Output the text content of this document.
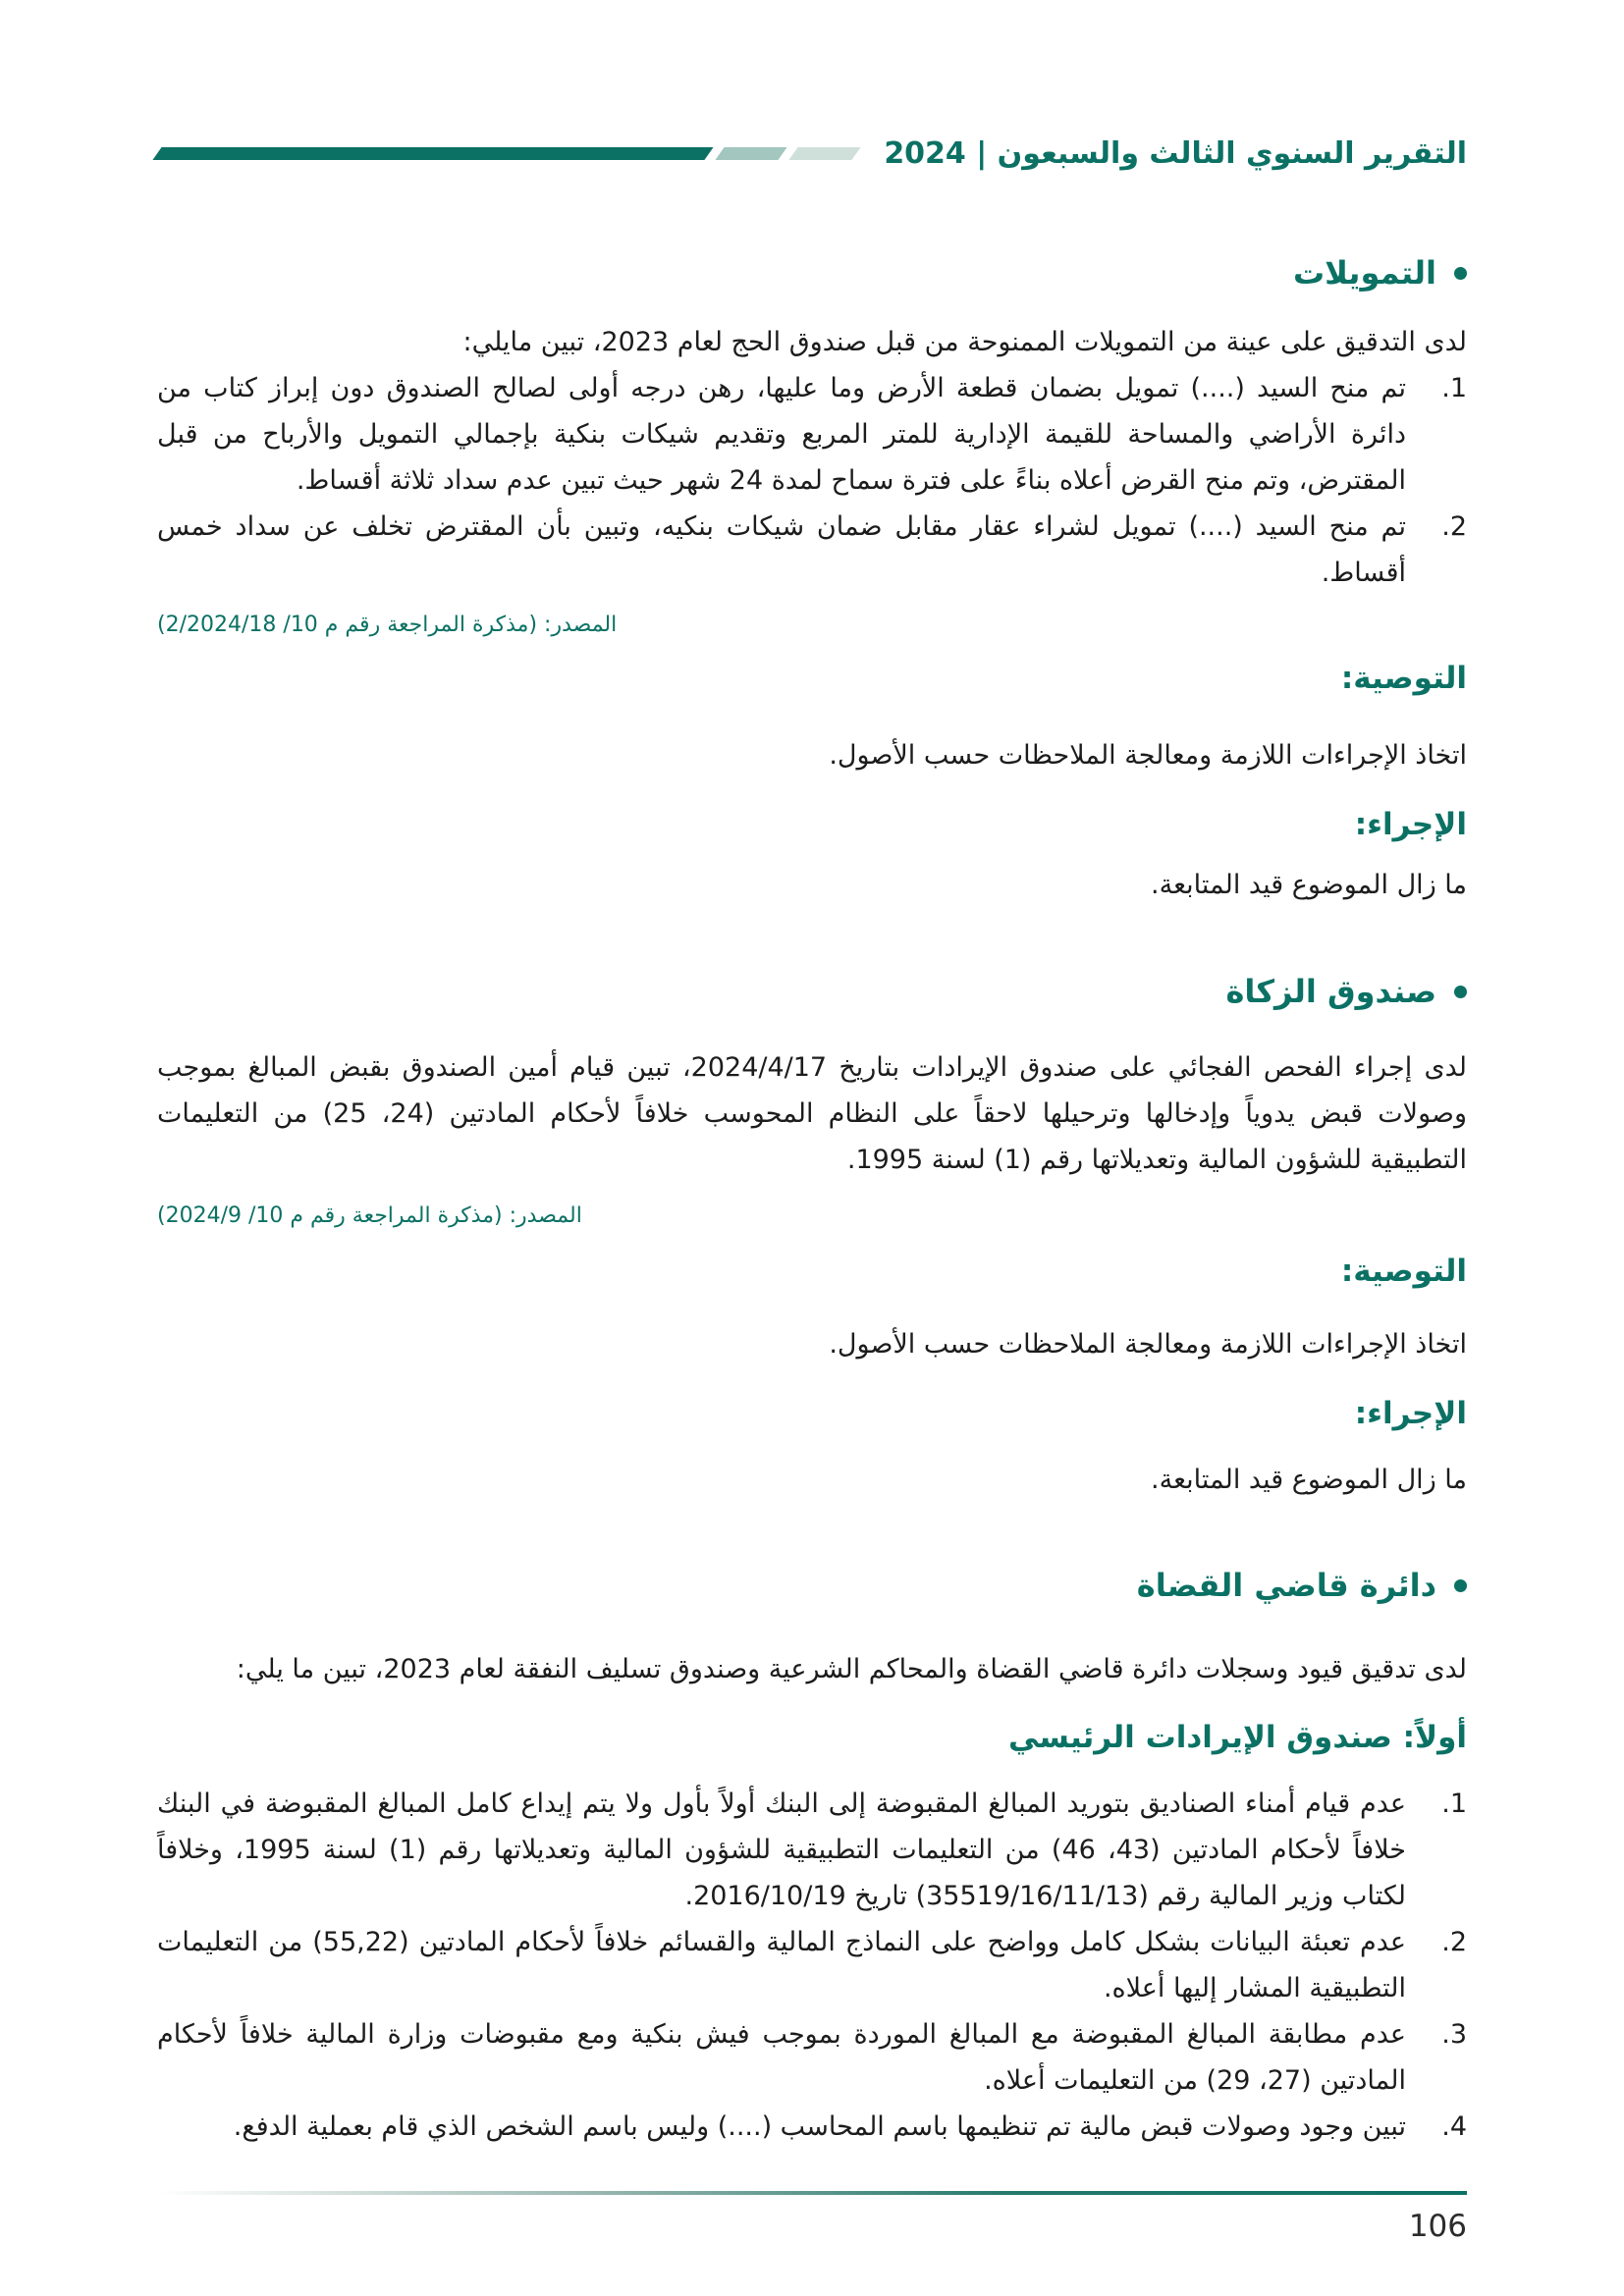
التقرير السنوي الثالث والسبعون | 2024
التمويلات
لدى التدقيق على عينة من التمويلات الممنوحة من قبل صندوق الحج لعام 2023، تبين مايلي:
1.
تم منح السيد (....) تمويل بضمان قطعة الأرض وما عليها، رهن درجه أولى لصالح الصندوق دون إبراز كتاب من دائرة الأراضي والمساحة للقيمة الإدارية للمتر المربع وتقديم شيكات بنكية بإجمالي التمويل والأرباح من قبل المقترض، وتم منح القرض أعلاه بناءً على فترة سماح لمدة 24 شهر حيث تبين عدم سداد ثلاثة أقساط.
2.
تم منح السيد (....) تمويل لشراء عقار مقابل ضمان شيكات بنكيه، وتبين بأن المقترض تخلف عن سداد خمس أقساط.
المصدر: (مذكرة المراجعة رقم م 10/ 2/2024/18)
التوصية:
اتخاذ الإجراءات اللازمة ومعالجة الملاحظات حسب الأصول.
الإجراء:
ما زال الموضوع قيد المتابعة.
صندوق الزكاة
لدى إجراء الفحص الفجائي على صندوق الإيرادات بتاريخ 2024/4/17، تبين قيام أمين الصندوق بقبض المبالغ بموجب وصولات قبض يدوياً وإدخالها وترحيلها لاحقاً على النظام المحوسب خلافاً لأحكام المادتين (24، 25) من التعليمات التطبيقية للشؤون المالية وتعديلاتها رقم (1) لسنة 1995.
المصدر: (مذكرة المراجعة رقم م 10/ 2024/9)
التوصية:
اتخاذ الإجراءات اللازمة ومعالجة الملاحظات حسب الأصول.
الإجراء:
ما زال الموضوع قيد المتابعة.
دائرة قاضي القضاة
لدى تدقيق قيود وسجلات دائرة قاضي القضاة والمحاكم الشرعية وصندوق تسليف النفقة لعام 2023، تبين ما يلي:
أولاً: صندوق الإيرادات الرئيسي
1.
عدم قيام أمناء الصناديق بتوريد المبالغ المقبوضة إلى البنك أولاً بأول ولا يتم إيداع كامل المبالغ المقبوضة في البنك خلافاً لأحكام المادتين (43، 46) من التعليمات التطبيقية للشؤون المالية وتعديلاتها رقم (1) لسنة 1995، وخلافاً لكتاب وزير المالية رقم (35519/16/11/13) تاريخ 2016/10/19.
2.
عدم تعبئة البيانات بشكل كامل وواضح على النماذج المالية والقسائم خلافاً لأحكام المادتين (55,22) من التعليمات التطبيقية المشار إليها أعلاه.
3.
عدم مطابقة المبالغ المقبوضة مع المبالغ الموردة بموجب فيش بنكية ومع مقبوضات وزارة المالية خلافاً لأحكام المادتين (27، 29) من التعليمات أعلاه.
4.
تبين وجود وصولات قبض مالية تم تنظيمها باسم المحاسب (....) وليس باسم الشخص الذي قام بعملية الدفع.
106
